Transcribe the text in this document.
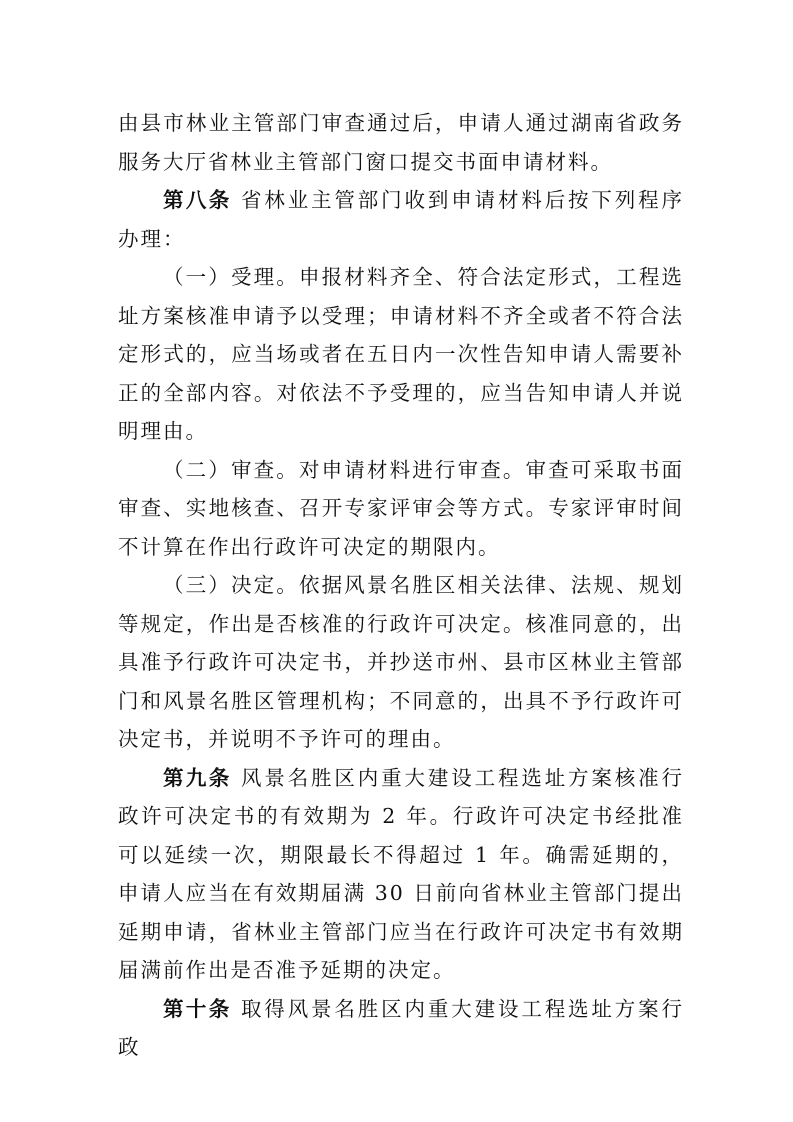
由县市林业主管部门审查通过后，申请人通过湖南省政务服务大厅省林业主管部门窗口提交书面申请材料。

第八条 省林业主管部门收到申请材料后按下列程序办理：

（一）受理。申报材料齐全、符合法定形式，工程选址方案核准申请予以受理；申请材料不齐全或者不符合法定形式的，应当场或者在五日内一次性告知申请人需要补正的全部内容。对依法不予受理的，应当告知申请人并说明理由。

（二）审查。对申请材料进行审查。审查可采取书面审查、实地核查、召开专家评审会等方式。专家评审时间不计算在作出行政许可决定的期限内。

（三）决定。依据风景名胜区相关法律、法规、规划等规定，作出是否核准的行政许可决定。核准同意的，出具准予行政许可决定书，并抄送市州、县市区林业主管部门和风景名胜区管理机构；不同意的，出具不予行政许可决定书，并说明不予许可的理由。

第九条 风景名胜区内重大建设工程选址方案核准行政许可决定书的有效期为 2 年。行政许可决定书经批准可以延续一次，期限最长不得超过 1 年。确需延期的，申请人应当在有效期届满 30 日前向省林业主管部门提出延期申请，省林业主管部门应当在行政许可决定书有效期届满前作出是否准予延期的决定。

第十条 取得风景名胜区内重大建设工程选址方案行政
